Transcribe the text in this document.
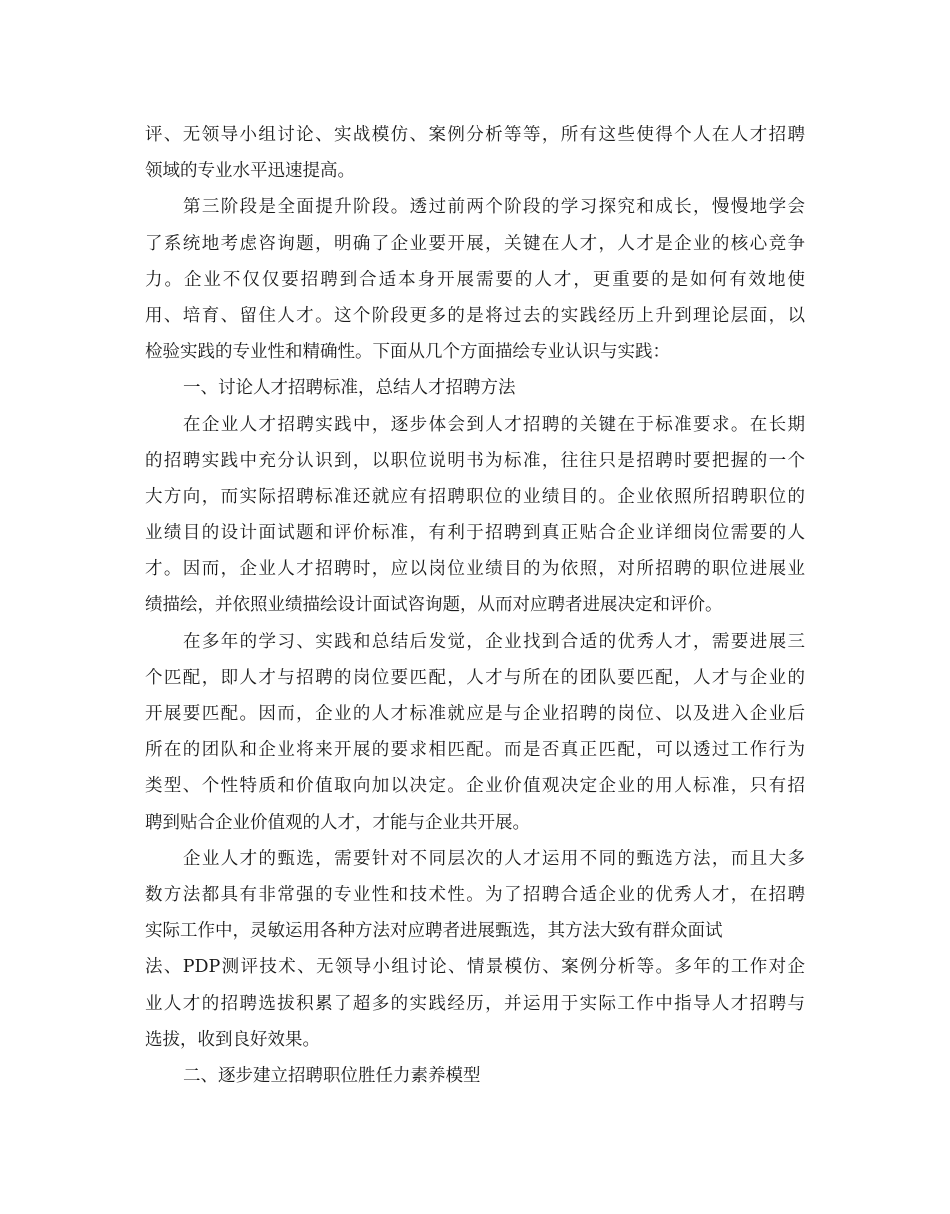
评、无领导小组讨论、实战模仿、案例分析等等，所有这些使得个人在人才招聘
领域的专业水平迅速提高。
第三阶段是全面提升阶段。透过前两个阶段的学习探究和成长，慢慢地学会
了系统地考虑咨询题，明确了企业要开展，关键在人才，人才是企业的核心竞争
力。企业不仅仅要招聘到合适本身开展需要的人才，更重要的是如何有效地使
用、培育、留住人才。这个阶段更多的是将过去的实践经历上升到理论层面，以
检验实践的专业性和精确性。下面从几个方面描绘专业认识与实践：
一、讨论人才招聘标准，总结人才招聘方法
在企业人才招聘实践中，逐步体会到人才招聘的关键在于标准要求。在长期
的招聘实践中充分认识到，以职位说明书为标准，往往只是招聘时要把握的一个
大方向，而实际招聘标准还就应有招聘职位的业绩目的。企业依照所招聘职位的
业绩目的设计面试题和评价标准，有利于招聘到真正贴合企业详细岗位需要的人
才。因而，企业人才招聘时，应以岗位业绩目的为依照，对所招聘的职位进展业
绩描绘，并依照业绩描绘设计面试咨询题，从而对应聘者进展决定和评价。
在多年的学习、实践和总结后发觉，企业找到合适的优秀人才，需要进展三
个匹配，即人才与招聘的岗位要匹配，人才与所在的团队要匹配，人才与企业的
开展要匹配。因而，企业的人才标准就应是与企业招聘的岗位、以及进入企业后
所在的团队和企业将来开展的要求相匹配。而是否真正匹配，可以透过工作行为
类型、个性特质和价值取向加以决定。企业价值观决定企业的用人标准，只有招
聘到贴合企业价值观的人才，才能与企业共开展。
企业人才的甄选，需要针对不同层次的人才运用不同的甄选方法，而且大多
数方法都具有非常强的专业性和技术性。为了招聘合适企业的优秀人才，在招聘
实际工作中，灵敏运用各种方法对应聘者进展甄选，其方法大致有群众面试
法、PDP测评技术、无领导小组讨论、情景模仿、案例分析等。多年的工作对企
业人才的招聘选拔积累了超多的实践经历，并运用于实际工作中指导人才招聘与
选拔，收到良好效果。
二、逐步建立招聘职位胜任力素养模型
